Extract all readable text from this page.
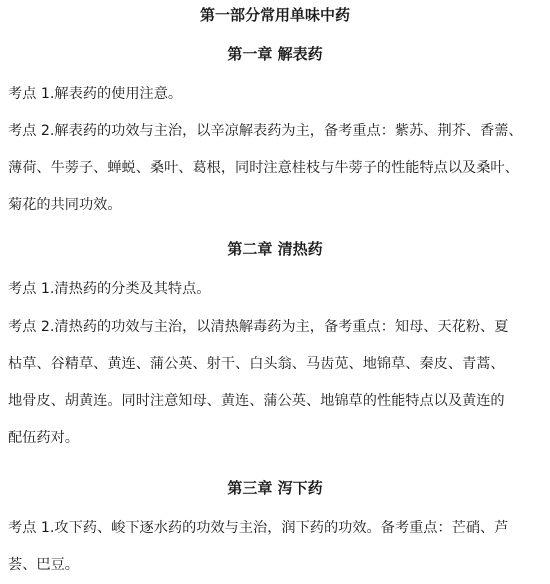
第一部分常用单味中药
第一章 解表药
考点 1.解表药的使用注意。
考点 2.解表药的功效与主治，以辛凉解表药为主，备考重点：紫苏、荆芥、香薷、
薄荷、牛蒡子、蝉蜕、桑叶、葛根，同时注意桂枝与牛蒡子的性能特点以及桑叶、
菊花的共同功效。
第二章 清热药
考点 1.清热药的分类及其特点。
考点 2.清热药的功效与主治，以清热解毒药为主，备考重点：知母、天花粉、夏
枯草、谷精草、黄连、蒲公英、射干、白头翁、马齿苋、地锦草、秦皮、青蒿、
地骨皮、胡黄连。同时注意知母、黄连、蒲公英、地锦草的性能特点以及黄连的
配伍药对。
第三章 泻下药
考点 1.攻下药、峻下逐水药的功效与主治，润下药的功效。备考重点：芒硝、芦
荟、巴豆。
